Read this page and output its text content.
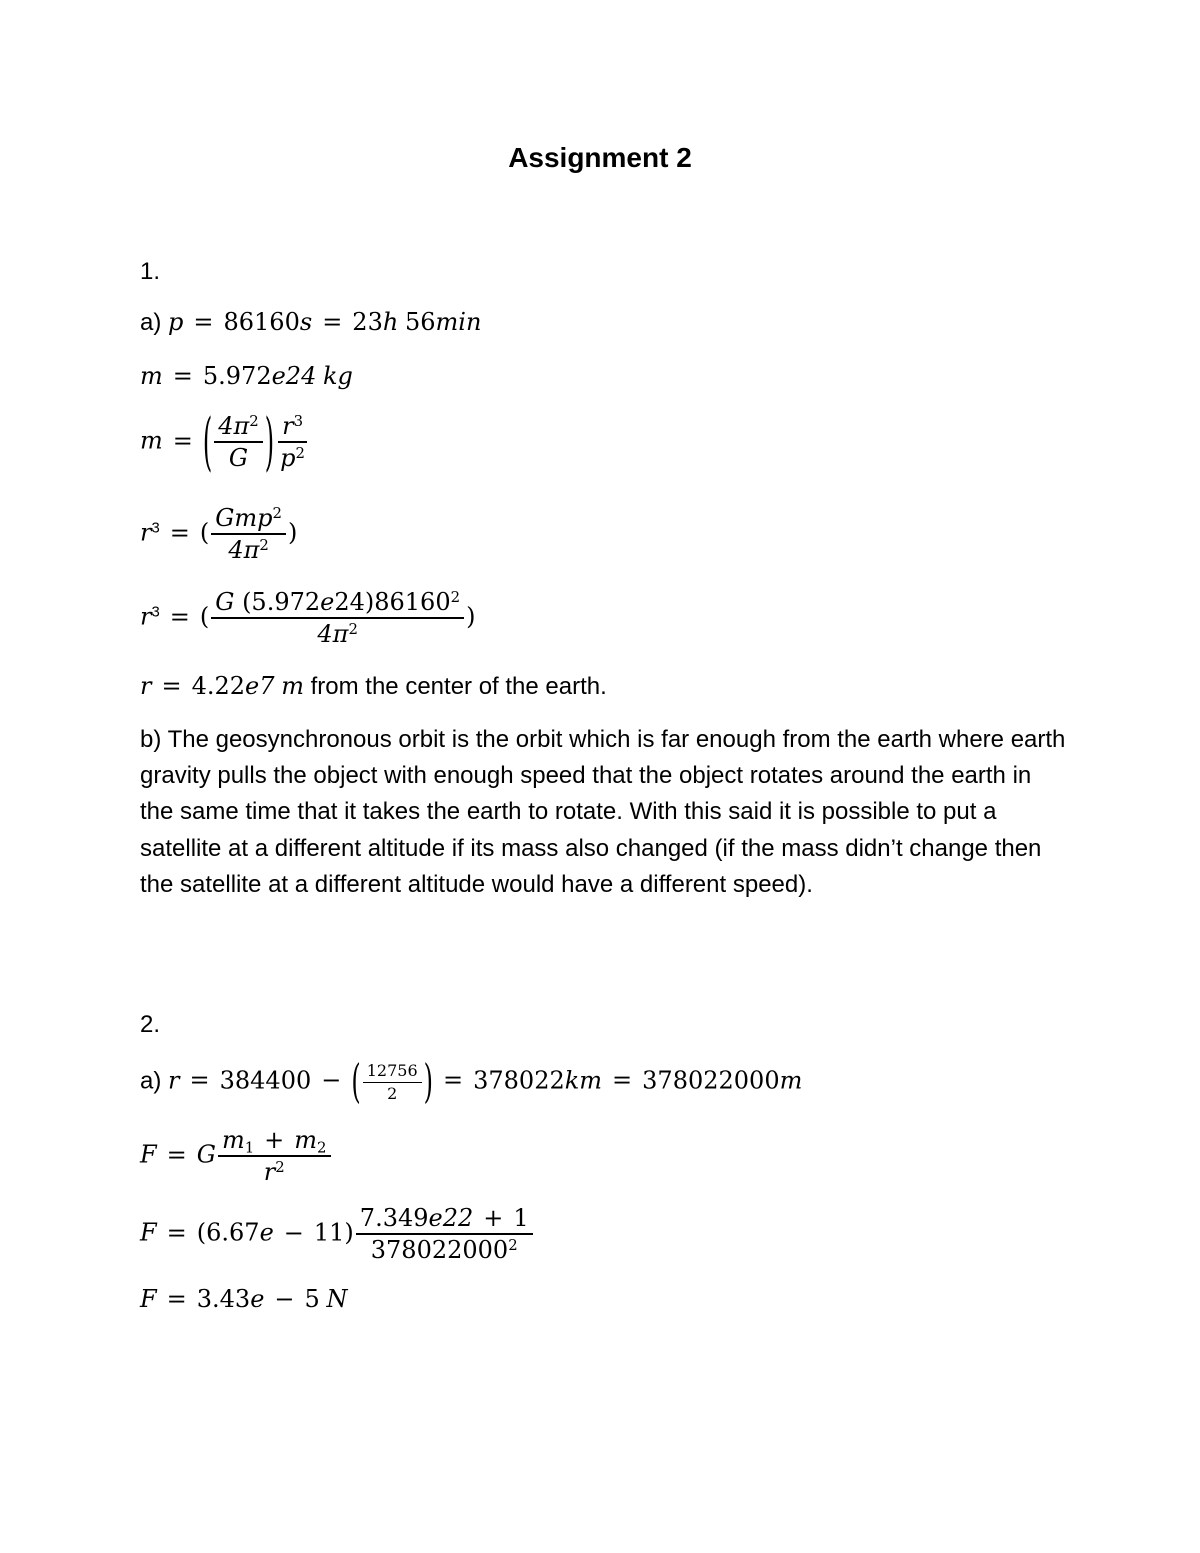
Assignment 2
1.
a) p = 86160s = 23h 56min
m = 5.972e24 kg
m = ( $\frac{4\pi^2}{G}$ ) $\frac{r^3}{p^2}$
$r^3$ = ( $\frac{Gmp^2}{4\pi^2}$ )
$r^3$ = ( $\frac{G (5.972e24)86160^2}{4\pi^2}$ )
r = 4.22e7 m from the center of the earth.
b) The geosynchronous orbit is the orbit which is far enough from the earth where earth gravity pulls the object with enough speed that the object rotates around the earth in the same time that it takes the earth to rotate. With this said it is possible to put a satellite at a different altitude if its mass also changed (if the mass didn’t change then the satellite at a different altitude would have a different speed).
2.
a) r = 384400 − ( $\frac{12756}{2}$ ) = 378022km = 378022000m
F = G $\frac{m_1 + m_2}{r^2}$
$F = (6.67e - 11) \frac{7.349e22 + 1}{378022000^2}$
F = 3.43e − 5 N
